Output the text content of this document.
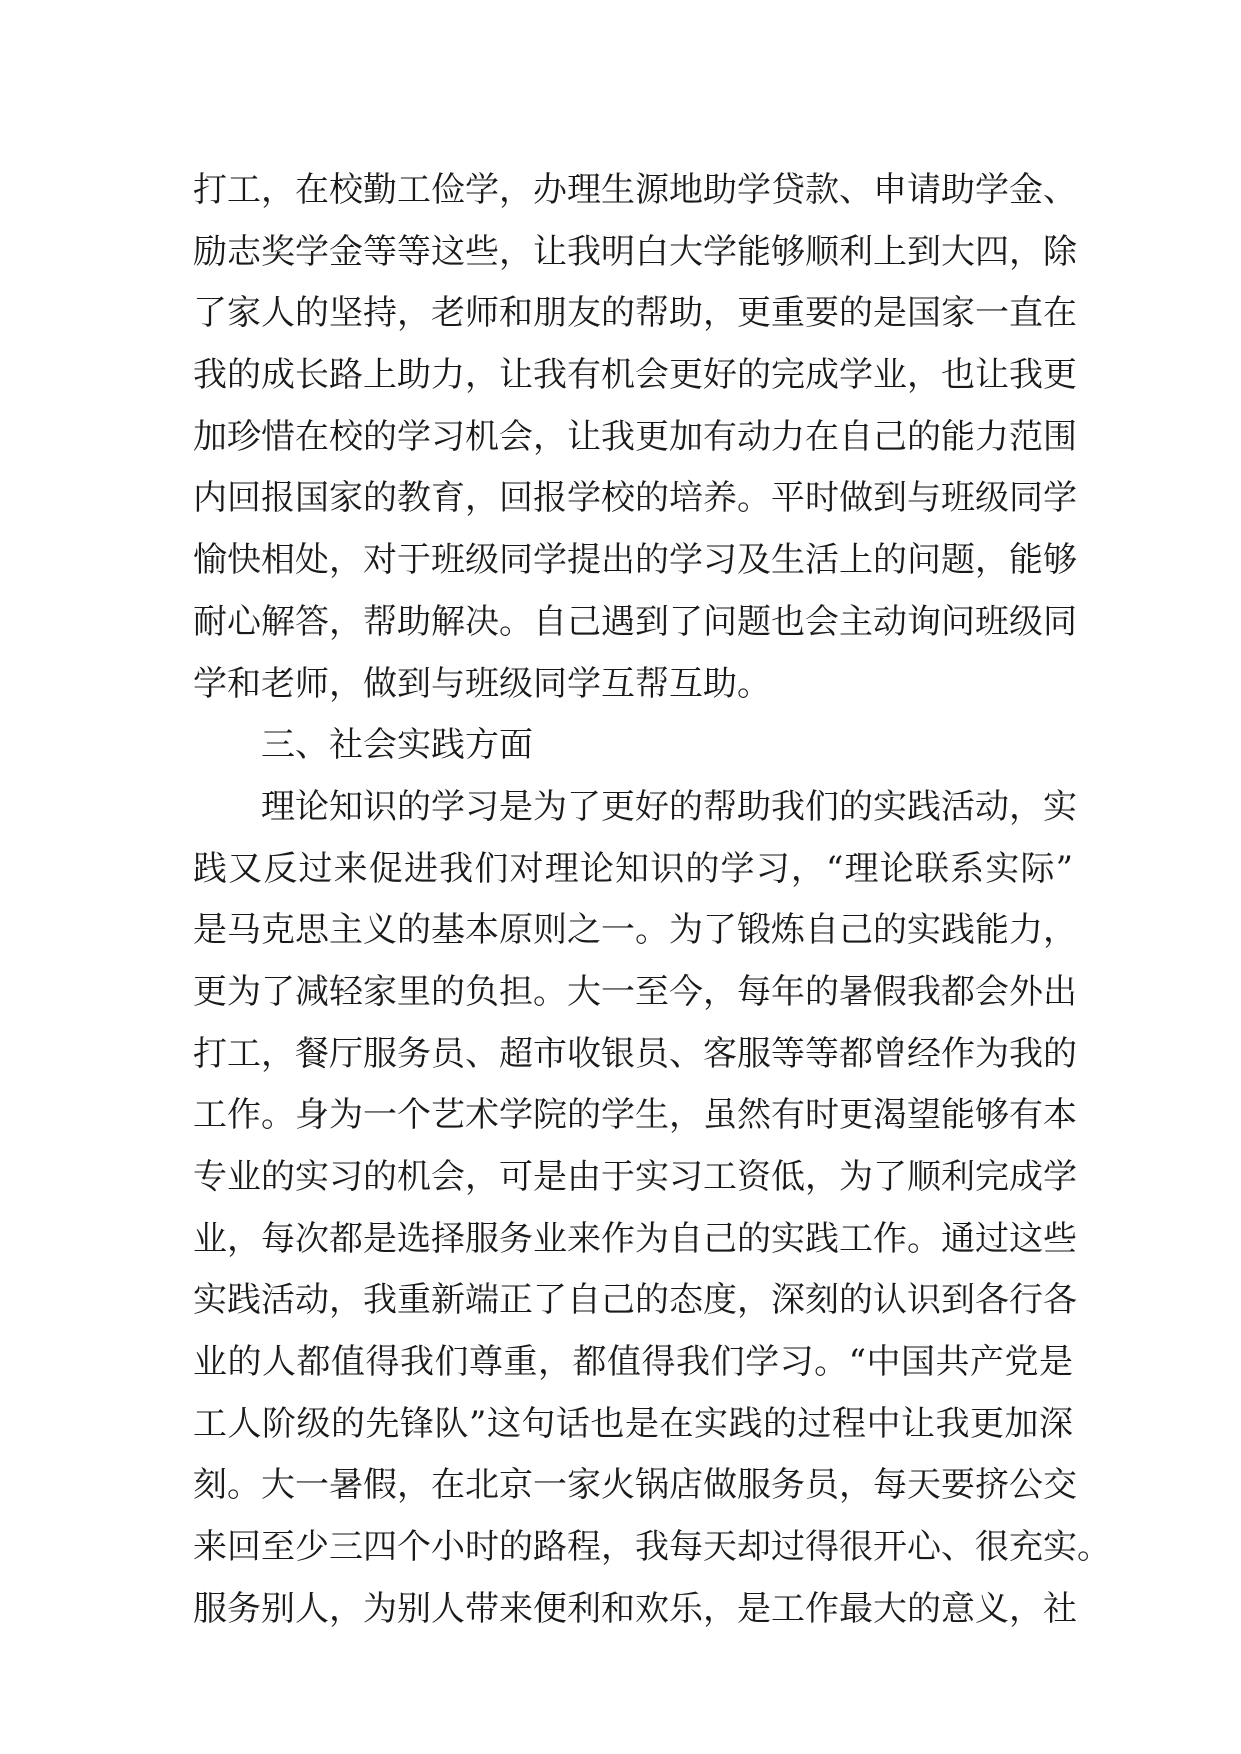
打工，在校勤工俭学，办理生源地助学贷款、申请助学金、
励志奖学金等等这些，让我明白大学能够顺利上到大四，除
了家人的坚持，老师和朋友的帮助，更重要的是国家一直在
我的成长路上助力，让我有机会更好的完成学业，也让我更
加珍惜在校的学习机会，让我更加有动力在自己的能力范围
内回报国家的教育，回报学校的培养。平时做到与班级同学
愉快相处，对于班级同学提出的学习及生活上的问题，能够
耐心解答，帮助解决。自己遇到了问题也会主动询问班级同
学和老师，做到与班级同学互帮互助。
三、社会实践方面
理论知识的学习是为了更好的帮助我们的实践活动，实
践又反过来促进我们对理论知识的学习，“理论联系实际”
是马克思主义的基本原则之一。为了锻炼自己的实践能力，
更为了减轻家里的负担。大一至今，每年的暑假我都会外出
打工，餐厅服务员、超市收银员、客服等等都曾经作为我的
工作。身为一个艺术学院的学生，虽然有时更渴望能够有本
专业的实习的机会，可是由于实习工资低，为了顺利完成学
业，每次都是选择服务业来作为自己的实践工作。通过这些
实践活动，我重新端正了自己的态度，深刻的认识到各行各
业的人都值得我们尊重，都值得我们学习。“中国共产党是
工人阶级的先锋队”这句话也是在实践的过程中让我更加深
刻。大一暑假，在北京一家火锅店做服务员，每天要挤公交
来回至少三四个小时的路程，我每天却过得很开心、很充实。
服务别人，为别人带来便利和欢乐，是工作最大的意义，社
